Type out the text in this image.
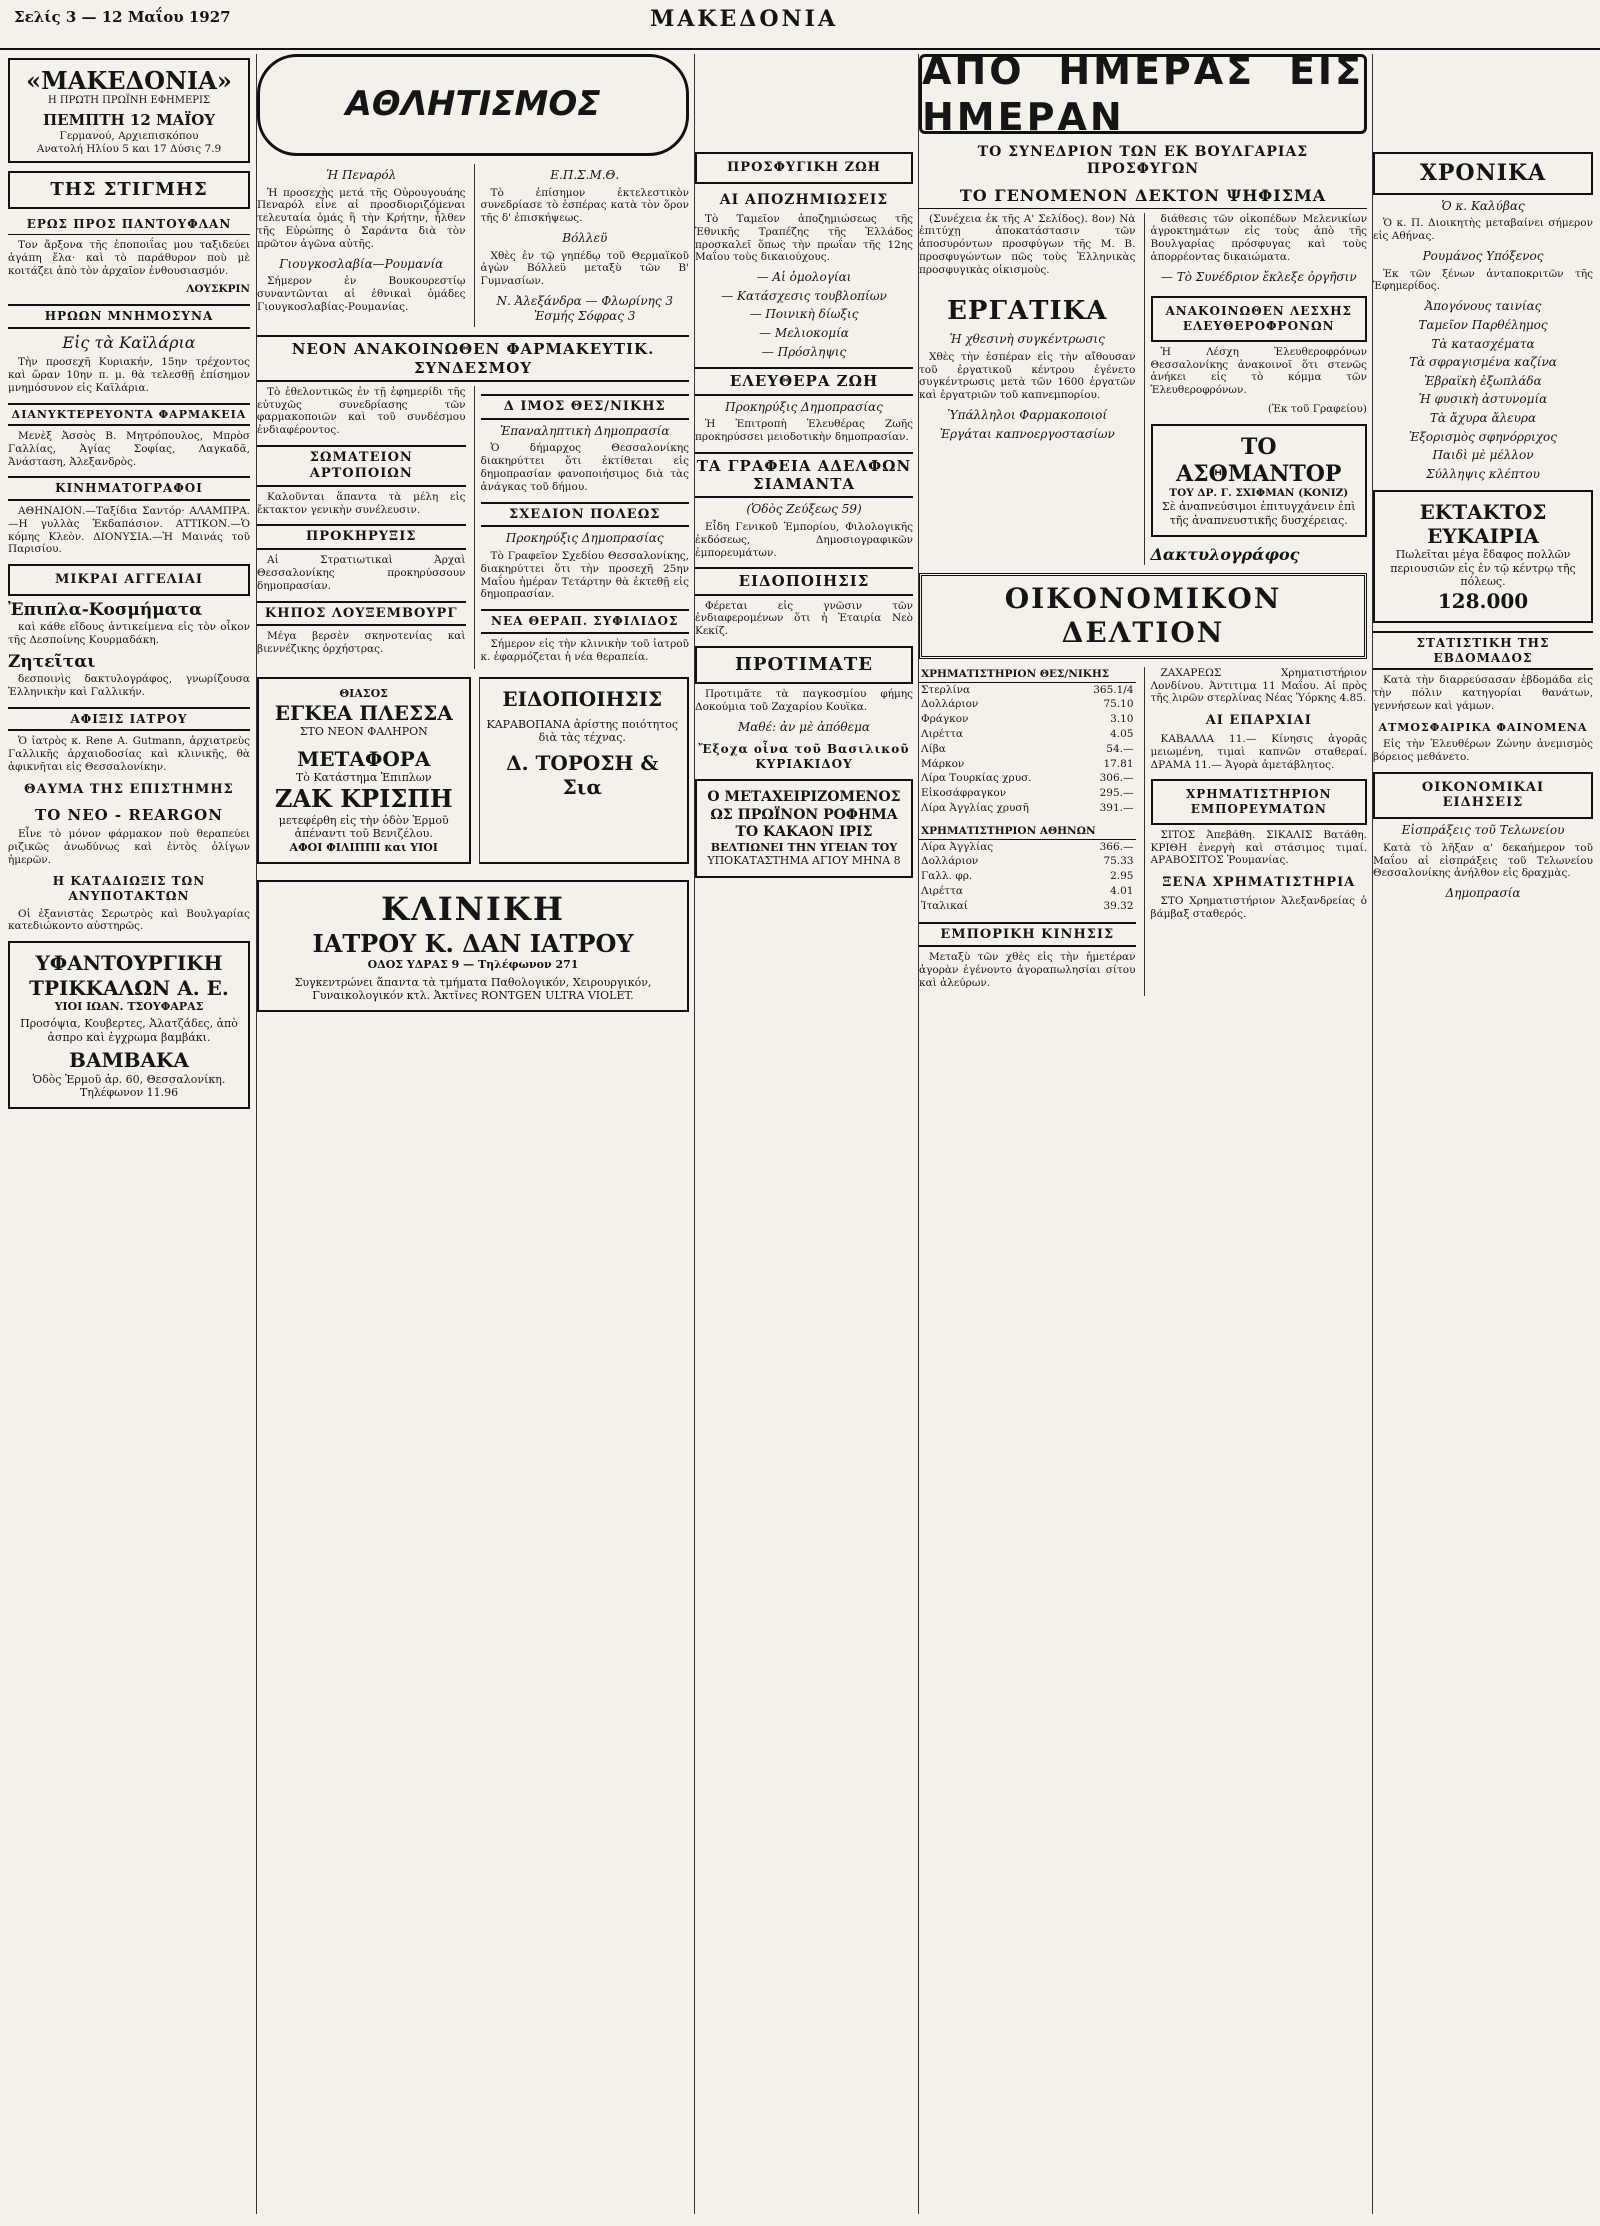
Σελίς 3 — 12 Μαΐου 1927	ΜΑΚΕΔΟΝΙΑ
«ΜΑΚΕΔΟΝΙΑ»
Η ΠΡΩΤΗ ΠΡΩΪΝΗ ΕΦΗΜΕΡΙΣ
ΠΕΜΠΤΗ 12 ΜΑΪΟΥ
Γερμανού, Αρχιεπισκόπου
Ανατολή Ηλίου 5 και 17 Δύσις 7.9
ΤΗΣ ΣΤΙΓΜΗΣ
ΕΡΩΣ ΠΡΟΣ ΠΑΝΤΟΥΦΛΑΝ

Τον ἄρξονα τῆς ἑποποιΐας μου ταξιδεύει ἀγάπη ἔλα· καὶ τὸ παράθυρον ποὺ μὲ κοιτάζει ἀπὸ τὸν ἀρχαῖον ἐνθουσιασμόν.

ΛΟΥΣΚΡΙΝ
ΗΡΩΩΝ ΜΝΗΜΟΣΥΝΑ
Εἰς τὰ Καϊλάρια

Τὴν προσεχῆ Κυριακήν, 15ην τρέχοντος καὶ ὥραν 10ην π. μ. θὰ τελεσθῇ ἐπίσημον μνημόσυνον εἰς Καϊλάρια.

ΔΙΑΝΥΚΤΕΡΕΥΟΝΤΑ ΦΑΡΜΑΚΕΙΑ

Μενὲξ Ἀσσὸς Β. Μητρόπουλος, Μπρὸσ Γαλλίας, Ἀγίας Σοφίας, Λαγκαδᾶ, Ἀνάσταση, Ἀλεξανδρὸς.

ΚΙΝΗΜΑΤΟΓΡΑΦΟΙ

ΑΘΗΝΑΙΟΝ.—Ταξίδια Σαντόρ· ΑΛΑΜΠΡΑ.—Η γυλλὰς Ἐκδαπάσιον. ΑΤΤΙΚΟΝ.—Ὁ κόμης Κλεὸν. ΔΙΟΝΥΣΙΑ.—Ἡ Μαινάς τοῦ Παρισίου.

ΜΙΚΡΑΙ ΑΓΓΕΛΙΑΙ
Ἐπιπλα-Κοσμήματα

καὶ κάθε εἴδους ἀντικείμενα εἰς τὸν οἶκον τῆς Δεσποίνης Κουρμαδάκη.

Ζητεῖται

δεσποινὶς δακτυλογράφος, γνωρίζουσα Ἑλληνικὴν καὶ Γαλλικήν.

ΑΦΙΞΙΣ ΙΑΤΡΟΥ

Ὁ ἰατρὸς κ. Rene A. Gutmann, ἀρχιατρεὺς Γαλλικῆς ἀρχαιοδοσίας καὶ κλινικῆς, θὰ ἀφικνῆται εἰς Θεσσαλονίκην.

ΘΑΥΜΑ ΤΗΣ ΕΠΙΣΤΗΜΗΣ
ΤΟ NEO - REARGON

Εἶνε τὸ μόνον φάρμακον ποὺ θεραπεύει ριζικῶς ἀνωδύνως καὶ ἐντὸς ὀλίγων ἡμερῶν.

Η ΚΑΤΑΔΙΩΞΙΣ ΤΩΝ ΑΝΥΠΟΤΑΚΤΩΝ

Οἱ ἐξανιστὰς Σερωτρὸς καὶ Βουλγαρίας κατεδιώκοντο αὐστηρῶς.

ΥΦΑΝΤΟΥΡΓΙΚΗ ΤΡΙΚΚΑΛΩΝ Α. Ε.
ΥΙΟΙ ΙΩΑΝ. ΤΣΟΥΦΑΡΑΣ
Προσόψια, Κουβερτες, Ἀλατζάδες, ἀπὸ ἀσπρο καὶ ἐγχρωμα βαμβάκι.
ΒΑΜΒΑΚΑ
Ὁδὸς Ἐρμοῦ ἀρ. 60, Θεσσαλονίκη. Τηλέφωνον 11.96
ΑΘΛΗΤΙΣΜΟΣ
Ἡ Πεναρόλ

Ἡ προσεχὴς μετά τῆς Οὐρουγουάης Πεναρόλ εἶνε αἱ προσδιοριζόμεναι τελευταία ὁμάς ἢ τὴν Κρήτην, ἦλθεν τῆς Εὐρώπης ὁ Σαράντα διὰ τὸν πρῶτον ἀγῶνα αὐτῆς.

Γιουγκοσλαβία—Ρουμανία

Σήμερον ἐν Βουκουρεστίῳ συναντῶνται αἱ ἐθνικαὶ ὁμάδες Γιουγκοσλαβίας-Ρουμανίας.

Ε.Π.Σ.Μ.Θ.

Τὸ ἐπίσημον ἐκτελεστικὸν συνεδρίασε τὸ ἑσπέρας κατὰ τὸν ὅρον τῆς δ' ἐπισκήψεως.

Βόλλεϋ

Χθὲς ἐν τῷ γηπέδῳ τοῦ Θερμαϊκοῦ ἀγὼν Βόλλεϋ μεταξὺ τῶν Β' Γυμνασίων.

Ν. Ἀλεξάνδρα — Φλωρίνης 3 Ἐσμής Σόφρας 3
ΝΕΟΝ ΑΝΑΚΟΙΝΩΘΕΝ ΦΑΡΜΑΚΕΥΤΙΚ. ΣΥΝΔΕΣΜΟΥ

Τὸ ἐθελοντικῶς ἐν τῇ ἐφημερίδι τῆς εὐτυχῶς συνεδρίασης τῶν φαρμακοποιῶν καὶ τοῦ συνδέσμου ἐνδιαφέροντος.

ΣΩΜΑΤΕΙΟΝ ΑΡΤΟΠΟΙΩΝ

Καλοῦνται ἅπαντα τὰ μέλη εἰς ἔκτακτον γενικὴν συνέλευσιν.

ΠΡΟΚΗΡΥΞΙΣ

Αἱ Στρατιωτικαὶ Ἀρχαὶ Θεσσαλονίκης προκηρύσσουν δημοπρασίαν.

ΚΗΠΟΣ ΛΟΥΞΕΜΒΟΥΡΓ

Μέγα βερσὲν σκηνοτενίας καὶ βιεννέζικης ὀρχήστρας.

Δ ΙΜΟΣ ΘΕΣ/ΝΙΚΗΣ
Ἐπαναληπτικὴ Δημοπρασία

Ὁ δήμαρχος Θεσσαλονίκης διακηρύττει ὅτι ἐκτίθεται εἰς δημοπρασίαν φανοποιήσιμος διὰ τὰς ἀνάγκας τοῦ δήμου.

ΣΧΕΔΙΟΝ ΠΟΛΕΩΣ
Προκηρύξις Δημοπρασίας

Τὸ Γραφεῖον Σχεδίου Θεσσαλονίκης, διακηρύττει ὅτι τὴν προσεχῆ 25ην Μαΐου ἡμέραν Τετάρτην θὰ ἐκτεθῇ εἰς δημοπρασίαν.

ΝΕΑ ΘΕΡΑΠ. ΣΥΦΙΛΙΔΟΣ

Σήμερον εἰς τὴν κλινικὴν τοῦ ἰατροῦ κ. ἐφαρμόζεται ἡ νέα θεραπεία.

ΘΙΑΣΟΣ
ΕΓΚΕΑ ΠΛΕΣΣΑ
ΣΤΟ ΝΕΟΝ ΦΑΛΗΡΟΝ
ΜΕΤΑΦΟΡΑ
Τὸ Κατάστημα Ἐπιπλων
ΖΑΚ ΚΡΙΣΠΗ
μετεφέρθη εἰς τὴν ὁδὸν Ἑρμοῦ ἀπέναντι τοῦ Βενιζέλου.
ΑΦΟΙ ΦΙΛΙΠΠΙ και ΥΙΟΙ
ΕΙΔΟΠΟΙΗΣΙΣ
ΚΑΡΑΒΟΠΑΝΑ ἀρίστης ποιότητος διὰ τὰς τέχνας.
Δ. ΤΟΡΟΣΗ & Σια
ΚΛΙΝΙΚΗ
ΙΑΤΡΟΥ Κ. ΔΑΝ ΙΑΤΡΟΥ
ΟΔΟΣ ΥΔΡΑΣ 9 — Τηλέφωνον 271
Συγκεντρώνει ἅπαντα τὰ τμήματα Παθολογικόν, Χειρουργικόν, Γυναικολογικόν κτλ. Ἀκτῖνες RONTGEN ULTRA VIOLET.
ΠΡΟΣΦΥΓΙΚΗ ΖΩΗ
ΑΙ ΑΠΟΖΗΜΙΩΣΕΙΣ

Τὸ Ταμεῖον ἀποζημιώσεως τῆς Ἐθνικῆς Τραπέζης τῆς Ἑλλάδος προσκαλεῖ ὅπως τὴν πρωΐαν τῆς 12ης Μαΐου τοὺς δικαιούχους.

— Αἱ ὁμολογίαι
— Κατάσχεσις τουβλοπίων
— Ποινικὴ δίωξις
— Μελιοκομία
— Πρόσληψις
ΕΛΕΥΘΕΡΑ ΖΩΗ
Προκηρύξις Δημοπρασίας

Ἡ Ἐπιτροπὴ Ἐλευθέρας Ζωῆς προκηρύσσει μειοδοτικὴν δημοπρασίαν.

ΤΑ ΓΡΑΦΕΙΑ ΑΔΕΛΦΩΝ ΣΙΑΜΑΝΤΑ
(Ὁδὸς Ζεύξεως 59)

Εἶδη Γενικοῦ Ἐμπορίου, Φιλολογικῆς ἐκδόσεως, Δημοσιογραφικῶν ἐμπορευμάτων.

ΕΙΔΟΠΟΙΗΣΙΣ

Φέρεται εἰς γνῶσιν τῶν ἐνδιαφερομένων ὅτι ἡ Ἑταιρία Νεὸ Κεκίζ.

ΠΡΟΤΙΜΑΤΕ

Προτιμᾶτε τὰ παγκοσμίου φήμης Δοκούμια τοῦ Ζαχαρίου Κουϊκα.

Μαθέ: ἀν μὲ ἀπόθεμα
Ἔξοχα οἶνα τοῦ Βασιλικοῦ ΚΥΡΙΑΚΙΔΟΥ
Ο ΜΕΤΑΧΕΙΡΙΖΟΜΕΝΟΣ ΩΣ ΠΡΩΪΝΟΝ ΡΟΦΗΜΑ ΤΟ ΚΑΚΑΟΝ ΙΡΙΣ
ΒΕΛΤΙΩΝΕΙ ΤΗΝ ΥΓΕΙΑΝ ΤΟΥ
ΥΠΟΚΑΤΑΣΤΗΜΑ ΑΓΙΟΥ ΜΗΝΑ 8
ΑΠΟ ΗΜΕΡΑΣ ΕΙΣ ΗΜΕΡΑΝ
ΤΟ ΣΥΝΕΔΡΙΟΝ ΤΩΝ ΕΚ ΒΟΥΛΓΑΡΙΑΣ ΠΡΟΣΦΥΓΩΝ
ΤΟ ΓΕΝΟΜΕΝΟΝ ΔΕΚΤΟΝ ΨΗΦΙΣΜΑ

(Συνέχεια ἐκ τῆς Α' Σελίδος). 8ον) Νὰ ἐπιτύχῃ ἀποκατάστασιν τῶν ἀποσυρόντων προσφύγων τῆς Μ. Β. προσφυγώντων πῶς τοὺς Ἑλληνικὰς προσφυγικὰς οἰκισμοὺς.

διάθεσις τῶν οἰκοπέδων Μελενικίων ἀγροκτημάτων εἰς τοὺς ἀπὸ τῆς Βουλγαρίας πρόσφυγας καὶ τοὺς ἀπορρέοντας δικαιώματα.

— Τὸ Συνέδριον ἔκλεξε ὀργῆσιν
ΕΡΓΑΤΙΚΑ
Ἡ χθεσινὴ συγκέντρωσις

Χθὲς τὴν ἑσπέραν εἰς τὴν αἴθουσαν τοῦ ἐργατικοῦ κέντρου ἐγένετο συγκέντρωσις μετὰ τῶν 1600 ἐργατῶν καὶ ἐργατριῶν τοῦ καπνεμπορίου.

Ὑπάλληλοι Φαρμακοποιοί
Ἐργάται καπνοεργοστασίων
ΑΝΑΚΟΙΝΩΘΕΝ ΛΕΣΧΗΣ ΕΛΕΥΘΕΡΟΦΡΟΝΩΝ

Ἡ Λέσχη Ἐλευθεροφρόνων Θεσσαλονίκης ἀνακοινοῖ ὅτι στενῶς ἀνήκει εἰς τὸ κόμμα τῶν Ἐλευθεροφρόνων.

(Ἐκ τοῦ Γραφείου)
ΤΟ ΑΣΘΜΑΝΤΟΡ
ΤΟΥ ΔΡ. Γ. ΣΧΙΦΜΑΝ (KONIZ)
Σὲ ἀναπνεύσιμοι ἐπιτυγχάνειν ἐπὶ τῆς ἀναπνευστικῆς δυσχέρειας.
Δακτυλογράφος
ΟΙΚΟΝΟΜΙΚΟΝ ΔΕΛΤΙΟΝ
ΧΡΗΜΑΤΙΣΤΗΡΙΟΝ ΘΕΣ/ΝΙΚΗΣ	
Στερλίνα	365.1/4
Δολλάριον	75.10
Φράγκον	3.10
Λιρέττα	4.05
Λίβα	54.—
Μάρκον	17.81
Λίρα Τουρκίας χρυσ.	306.—
Εἰκοσάφραγκον	295.—
Λίρα Ἀγγλίας χρυσῆ	391.—
ΧΡΗΜΑΤΙΣΤΗΡΙΟΝ ΑΘΗΝΩΝ	
Λίρα Ἀγγλίας	366.—
Δολλάριον	75.33
Γαλλ. φρ.	2.95
Λιρέττα	4.01
Ἰταλικαί	39.32
ΕΜΠΟΡΙΚΗ ΚΙΝΗΣΙΣ

Μεταξὺ τῶν χθὲς εἰς τὴν ἡμετέραν ἀγορὰν ἐγένοντο ἀγοραπωλησίαι σίτου καὶ ἀλεύρων.

ΖΑΧΑΡΕΩΣ Χρηματιστήριον Λονδίνου. Ἀντιτιμα 11 Μαΐου. Αἱ πρὸς τῆς λιρῶν στερλίνας Νέας Ὑόρκης 4.85.

ΑΙ ΕΠΑΡΧΙΑΙ

ΚΑΒΑΛΛΑ 11.— Κίνησις ἀγορᾶς μειωμένη, τιμαὶ καπνῶν σταθεραί. ΔΡΑΜΑ 11.— Ἀγορὰ ἀμετάβλητος.

ΧΡΗΜΑΤΙΣΤΗΡΙΟΝ ΕΜΠΟΡΕΥΜΑΤΩΝ

ΣΙΤΟΣ Ἀπεβάθη. ΣΙΚΑΛΙΣ Βατάθη. ΚΡΙΘΗ ἐνεργὴ καὶ στάσιμος τιμαί. ΑΡΑΒΟΣΙΤΟΣ Ῥουμανίας.

ΞΕΝΑ ΧΡΗΜΑΤΙΣΤΗΡΙΑ

ΣΤΟ Χρηματιστήριον Ἀλεξανδρείας ὁ βάμβαξ σταθερός.

ΧΡΟΝΙΚΑ
Ὁ κ. Καλύβας

Ὁ κ. Π. Διοικητὴς μεταβαίνει σήμερον εἰς Αθήνας.

Ρουμάνος Υπόξενος

Ἐκ τῶν ξένων ἀνταποκριτῶν τῆς Ἐφημερίδος.

Ἀπογόνους ταινίας
Ταμεῖον Παρθέλημος
Τὰ κατασχέματα
Τὰ σφραγισμένα καζίνα
Ἑβραϊκὴ ἐξωπλάδα
Ἡ φυσικὴ ἀστυνομία
Τὰ ἄχυρα ἄλευρα
Ἐξορισμὸς σφηνόρριχος
Παιδὶ μὲ μέλλον
Σύλληψις κλέπτου
ΕΚΤΑΚΤΟΣ ΕΥΚΑΙΡΙΑ
Πωλεῖται μέγα ἔδαφος πολλῶν περιουσιῶν εἰς ἐν τῷ κέντρῳ τῆς πόλεως.
128.000
ΣΤΑΤΙΣΤΙΚΗ ΤΗΣ ΕΒΔΟΜΑΔΟΣ

Κατὰ τὴν διαρρεύσασαν ἑβδομάδα εἰς τὴν πόλιν κατηγορίαι θανάτων, γεννήσεων καὶ γάμων.

ΑΤΜΟΣΦΑΙΡΙΚΑ ΦΑΙΝΟΜΕΝΑ

Εἰς τὴν Ἐλευθέρων Ζώνην ἀνεμισμὸς βόρειος μεθάνετο.

ΟΙΚΟΝΟΜΙΚΑΙ ΕΙΔΗΣΕΙΣ
Εἰσπράξεις τοῦ Τελωνείου

Κατὰ τὸ λῆξαν α' δεκαήμερον τοῦ Μαΐου αἱ εἰσπράξεις τοῦ Τελωνείου Θεσσαλονίκης ἀνήλθον εἰς δραχμὰς.

Δημοπρασία
